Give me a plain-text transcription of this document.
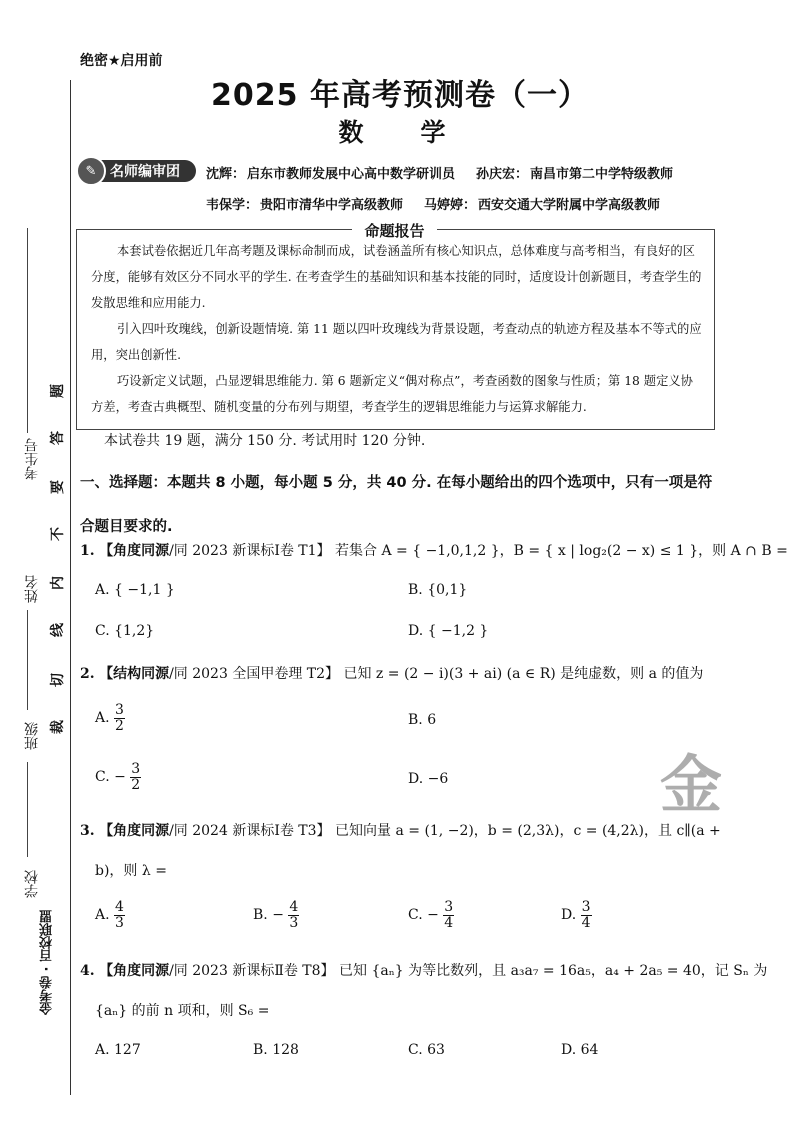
考生号
姓名
班级
学校
金考卷 · 百校联盟
题
答
要
不
内
线
切
裁
绝密★启用前
2025 年高考预测卷（一）
数　学
✎ 名师编审团 沈辉： 启东市教师发展中心高中数学研训员 孙庆宏： 南昌市第二中学特级教师
韦保学： 贵阳市清华中学高级教师 马婷婷： 西安交通大学附属中学高级教师
本套试卷依据近几年高考题及课标命制而成，试卷涵盖所有核心知识点，总体难度与高考相当，有良好的区分度，能够有效区分不同水平的学生. 在考查学生的基础知识和基本技能的同时，适度设计创新题目，考查学生的发散思维和应用能力.
引入四叶玫瑰线，创新设题情境. 第 11 题以四叶玫瑰线为背景设题，考查动点的轨迹方程及基本不等式的应用，突出创新性.
巧设新定义试题，凸显逻辑思维能力. 第 6 题新定义“偶对称点”，考查函数的图象与性质；第 18 题定义协方差，考查古典概型、随机变量的分布列与期望，考查学生的逻辑思维能力与运算求解能力.
命题报告
本试卷共 19 题，满分 150 分. 考试用时 120 分钟.
一、选择题：本题共 8 小题，每小题 5 分，共 40 分. 在每小题给出的四个选项中，只有一项是符合题目要求的.
1. 【角度同源/同 2023 新课标Ⅰ卷 T1】 若集合 A = { −1,0,1,2 }，B = { x | log₂(2 − x) ≤ 1 }，则 A ∩ B =
A. { −1,1 }	B. {0,1}
C. {1,2}	D. { −1,2 }
2. 【结构同源/同 2023 全国甲卷理 T2】 已知 z = (2 − i)(3 + ai) (a ∈ R) 是纯虚数，则 a 的值为
A. $\frac{3}{2}$	B. 6
C. − $\frac{3}{2}$	D. −6
3. 【角度同源/同 2024 新课标Ⅰ卷 T3】 已知向量 a = (1, −2)，b = (2,3λ)，c = (4,2λ)，且 c∥(a +
b)，则 λ =
A. $\frac{4}{3}$	B. − $\frac{4}{3}$	C. − $\frac{3}{4}$	D. $\frac{3}{4}$
4. 【角度同源/同 2023 新课标Ⅱ卷 T8】 已知 {aₙ} 为等比数列，且 a₃a₇ = 16a₅，a₄ + 2a₅ = 40，记 Sₙ 为
{aₙ} 的前 n 项和，则 S₆ =
A. 127	B. 128	C. 63	D. 64
金
